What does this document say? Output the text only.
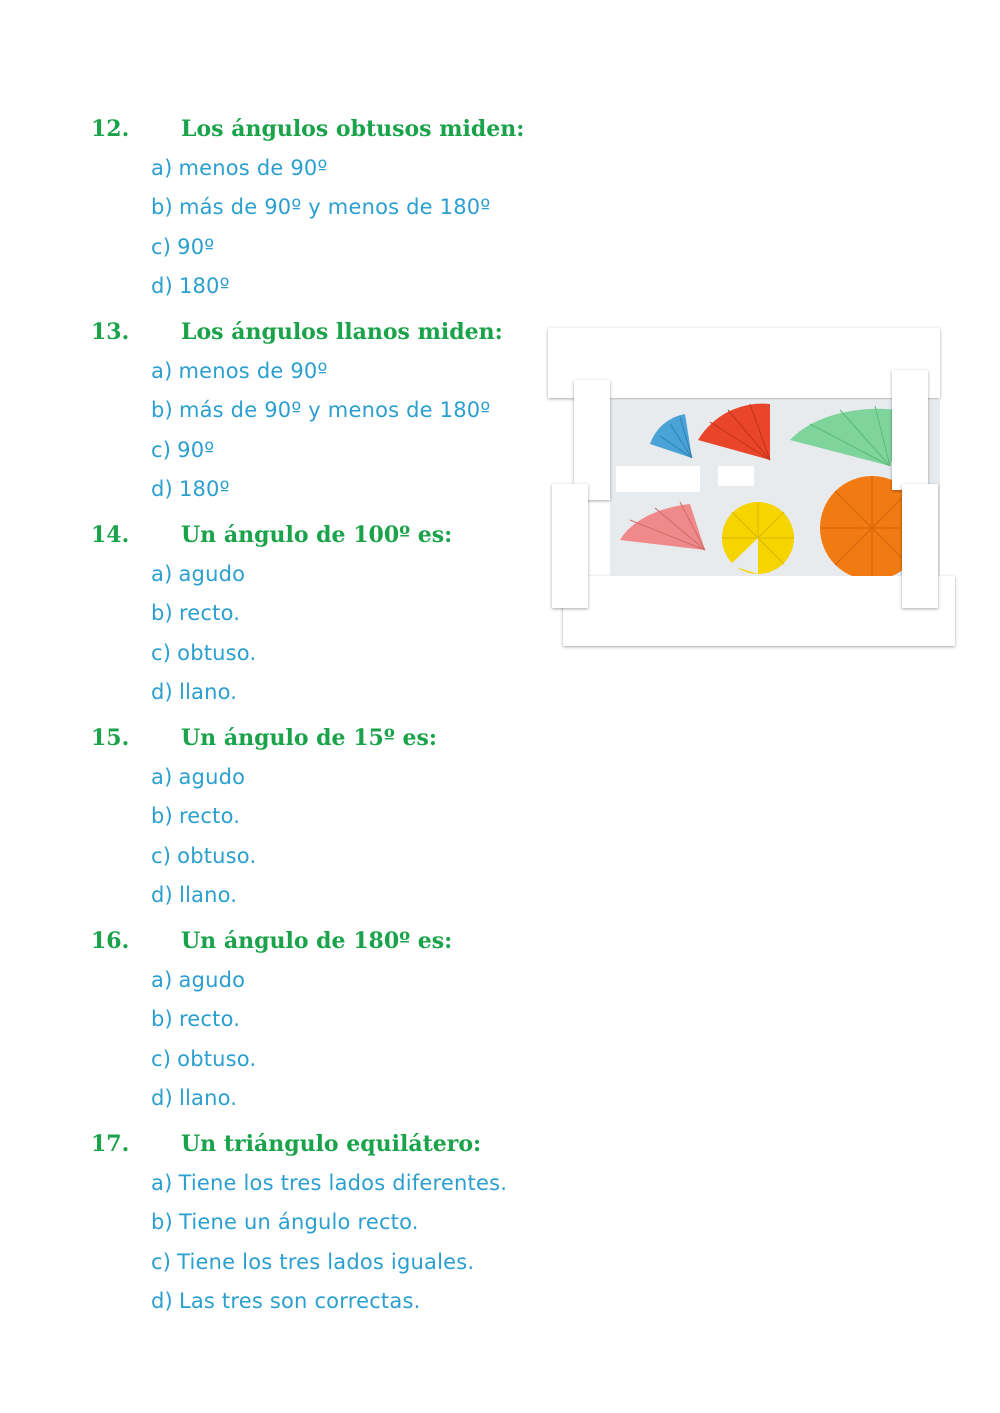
12. Los ángulos obtusos miden:
a) menos de 90º
b) más de 90º y menos de 180º
c) 90º
d) 180º
13. Los ángulos llanos miden:
a) menos de 90º
b) más de 90º y menos de 180º
c) 90º
d) 180º
14. Un ángulo de 100º es:
a) agudo
b) recto.
c) obtuso.
d) llano.
15. Un ángulo de 15º es:
a) agudo
b) recto.
c) obtuso.
d) llano.
16. Un ángulo de 180º es:
a) agudo
b) recto.
c) obtuso.
d) llano.
17. Un triángulo equilátero:
a) Tiene los tres lados diferentes.
b) Tiene un ángulo recto.
c) Tiene los tres lados iguales.
d) Las tres son correctas.
